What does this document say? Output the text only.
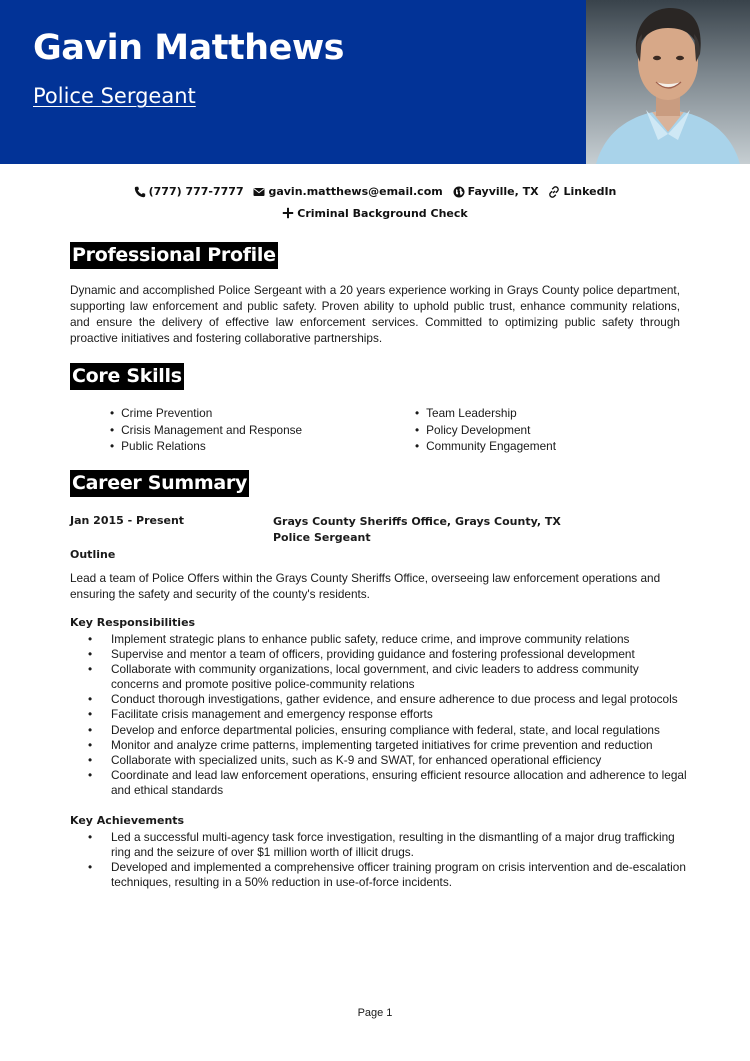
Gavin Matthews
Police Sergeant
(777) 777-7777
gavin.matthews@email.com
Fayville, TX
LinkedIn
Criminal Background Check
Professional Profile

Dynamic and accomplished Police Sergeant with a 20 years experience working in Grays County police department, supporting law enforcement and public safety. Proven ability to uphold public trust, enhance community relations, and ensure the delivery of effective law enforcement services. Committed to optimizing public safety through proactive initiatives and fostering collaborative partnerships.

Core Skills
• Crime Prevention
• Crisis Management and Response
• Public Relations
• Team Leadership
• Policy Development
• Community Engagement
Career Summary
Jan 2015 - Present	Grays County Sheriffs Office, Grays County, TX
Police Sergeant
Outline

Lead a team of Police Offers within the Grays County Sheriffs Office, overseeing law enforcement operations and ensuring the safety and security of the county's residents.

Key Responsibilities
• Implement strategic plans to enhance public safety, reduce crime, and improve community relations
• Supervise and mentor a team of officers, providing guidance and fostering professional development
• Collaborate with community organizations, local government, and civic leaders to address community concerns and promote positive police-community relations
• Conduct thorough investigations, gather evidence, and ensure adherence to due process and legal protocols
• Facilitate crisis management and emergency response efforts
• Develop and enforce departmental policies, ensuring compliance with federal, state, and local regulations
• Monitor and analyze crime patterns, implementing targeted initiatives for crime prevention and reduction
• Collaborate with specialized units, such as K-9 and SWAT, for enhanced operational efficiency
• Coordinate and lead law enforcement operations, ensuring efficient resource allocation and adherence to legal and ethical standards
Key Achievements
• Led a successful multi-agency task force investigation, resulting in the dismantling of a major drug trafficking ring and the seizure of over $1 million worth of illicit drugs.
• Developed and implemented a comprehensive officer training program on crisis intervention and de-escalation techniques, resulting in a 50% reduction in use-of-force incidents.
Page 1
